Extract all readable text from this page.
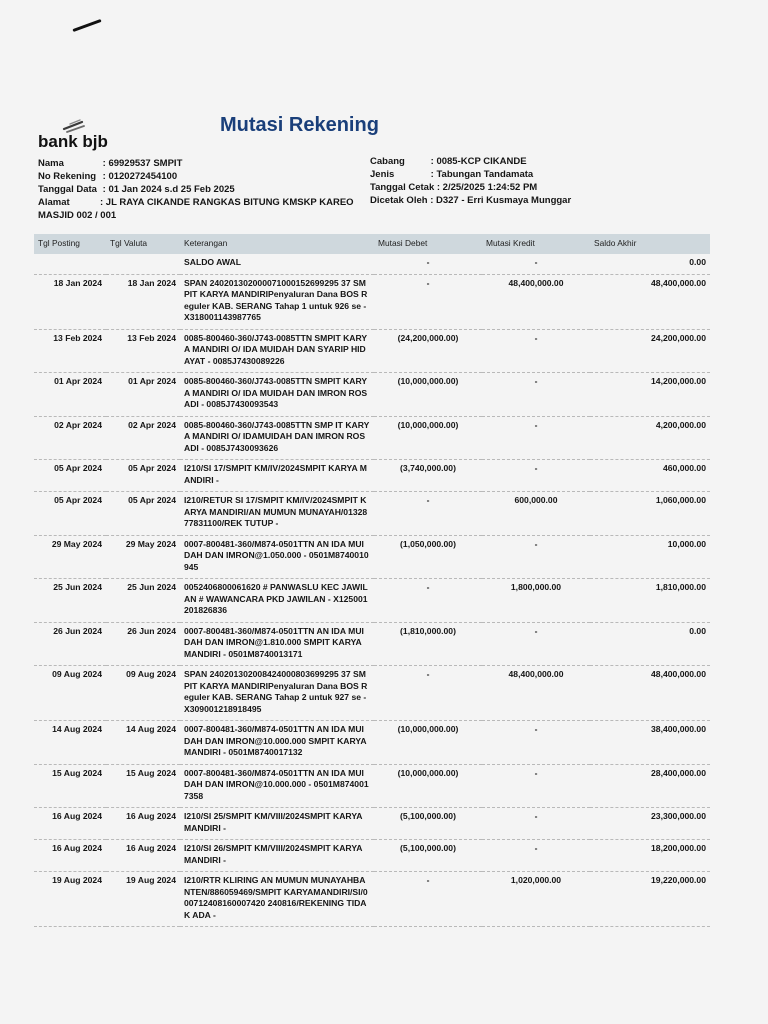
bank bjb
Mutasi Rekening
Nama	: 69929537 SMPIT
No Rekening : 0120272454100
Tanggal Data : 01 Jan 2024 s.d 25 Feb 2025
Alamat	: JL RAYA CIKANDE RANGKAS BITUNG KMSKP KAREO MASJID 002 / 001
Cabang	: 0085-KCP CIKANDE
Jenis	: Tabungan Tandamata
Tanggal Cetak : 2/25/2025 1:24:52 PM
Dicetak Oleh : D327 - Erri Kusmaya Munggar
Tgl Posting	Tgl Valuta	Keterangan	Mutasi Debet	Mutasi Kredit	Saldo Akhir
		SALDO AWAL	-	-	0.00
18 Jan 2024	18 Jan 2024	SPAN 240201302000071000152699295 37 SMPIT KARYA MANDIRIPenyaluran Dana BOS Reguler KAB. SERANG Tahap 1 untuk 926 se - X318001143987765	-	48,400,000.00	48,400,000.00
13 Feb 2024	13 Feb 2024	0085-800460-360/J743-0085TTN SMPIT KARYA MANDIRI O/ IDA MUIDAH DAN SYARIP HIDAYAT - 0085J7430089226	(24,200,000.00)	-	24,200,000.00
01 Apr 2024	01 Apr 2024	0085-800460-360/J743-0085TTN SMPIT KARYA MANDIRI O/ IDA MUIDAH DAN IMRON ROSADI - 0085J7430093543	(10,000,000.00)	-	14,200,000.00
02 Apr 2024	02 Apr 2024	0085-800460-360/J743-0085TTN SMP IT KARYA MANDIRI O/ IDAMUIDAH DAN IMRON ROSADI - 0085J7430093626	(10,000,000.00)	-	4,200,000.00
05 Apr 2024	05 Apr 2024	I210/SI 17/SMPIT KM/IV/2024SMPIT KARYA MANDIRI -	(3,740,000.00)	-	460,000.00
05 Apr 2024	05 Apr 2024	I210/RETUR SI 17/SMPIT KM/IV/2024SMPIT KARYA MANDIRI/AN MUMUN MUNAYAH/0132877831100/REK TUTUP -	-	600,000.00	1,060,000.00
29 May 2024	29 May 2024	0007-800481-360/M874-0501TTN AN IDA MUIDAH DAN IMRON@1.050.000 - 0501M8740010945	(1,050,000.00)	-	10,000.00
25 Jun 2024	25 Jun 2024	0052406800061620 # PANWASLU KEC JAWILAN # WAWANCARA PKD JAWILAN - X125001201826836	-	1,800,000.00	1,810,000.00
26 Jun 2024	26 Jun 2024	0007-800481-360/M874-0501TTN AN IDA MUIDAH DAN IMRON@1.810.000 SMPIT KARYA MANDIRI - 0501M8740013171	(1,810,000.00)	-	0.00
09 Aug 2024	09 Aug 2024	SPAN 240201302008424000803699295 37 SMPIT KARYA MANDIRIPenyaluran Dana BOS Reguler KAB. SERANG Tahap 2 untuk 927 se - X309001218918495	-	48,400,000.00	48,400,000.00
14 Aug 2024	14 Aug 2024	0007-800481-360/M874-0501TTN AN IDA MUIDAH DAN IMRON@10.000.000 SMPIT KARYA MANDIRI - 0501M8740017132	(10,000,000.00)	-	38,400,000.00
15 Aug 2024	15 Aug 2024	0007-800481-360/M874-0501TTN AN IDA MUIDAH DAN IMRON@10.000.000 - 0501M8740017358	(10,000,000.00)	-	28,400,000.00
16 Aug 2024	16 Aug 2024	I210/SI 25/SMPIT KM/VIII/2024SMPIT KARYA MANDIRI -	(5,100,000.00)	-	23,300,000.00
16 Aug 2024	16 Aug 2024	I210/SI 26/SMPIT KM/VIII/2024SMPIT KARYA MANDIRI -	(5,100,000.00)	-	18,200,000.00
19 Aug 2024	19 Aug 2024	I210/RTR KLIRING AN MUMUN MUNAYAHBANTEN/886059469/SMPIT KARYAMANDIRI/SI/000712408160007420 240816/REKENING TIDAK ADA -	-	1,020,000.00	19,220,000.00
